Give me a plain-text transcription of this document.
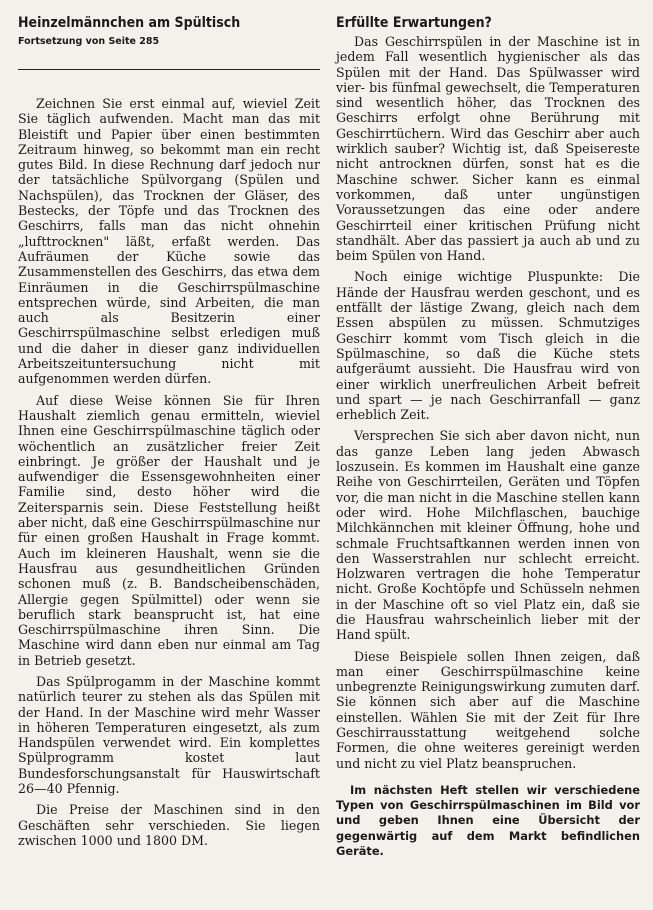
Heinzelmännchen am Spültisch
Fortsetzung von Seite 285

Zeichnen Sie erst einmal auf, wieviel Zeit Sie täglich aufwenden. Macht man das mit Bleistift und Papier über einen bestimmten Zeitraum hinweg, so bekommt man ein recht gutes Bild. In diese Rechnung darf jedoch nur der tatsächliche Spülvorgang (Spülen und Nachspülen), das Trocknen der Gläser, des Bestecks, der Töpfe und das Trocknen des Geschirrs, falls man das nicht ohnehin „lufttrocknen" läßt, erfaßt werden. Das Aufräumen der Küche sowie das Zusammenstellen des Geschirrs, das etwa dem Einräumen in die Geschirrspülmaschine entsprechen würde, sind Arbeiten, die man auch als Besitzerin einer Geschirrspülmaschine selbst erledigen muß und die daher in dieser ganz individuellen Arbeitszeituntersuchung nicht mit aufgenommen werden dürfen.

Auf diese Weise können Sie für Ihren Haushalt ziemlich genau ermitteln, wieviel Ihnen eine Geschirrspülmaschine täglich oder wöchentlich an zusätzlicher freier Zeit einbringt. Je größer der Haushalt und je aufwendiger die Essensgewohnheiten einer Familie sind, desto höher wird die Zeitersparnis sein. Diese Feststellung heißt aber nicht, daß eine Geschirrspülmaschine nur für einen großen Haushalt in Frage kommt. Auch im kleineren Haushalt, wenn sie die Hausfrau aus gesundheitlichen Gründen schonen muß (z. B. Bandscheibenschäden, Allergie gegen Spülmittel) oder wenn sie beruflich stark beansprucht ist, hat eine Geschirrspülmaschine ihren Sinn. Die Maschine wird dann eben nur einmal am Tag in Betrieb gesetzt.

Das Spülprogamm in der Maschine kommt natürlich teurer zu stehen als das Spülen mit der Hand. In der Maschine wird mehr Wasser in höheren Temperaturen eingesetzt, als zum Handspülen verwendet wird. Ein komplettes Spülprogramm kostet laut Bundesforschungsanstalt für Hauswirtschaft 26—40 Pfennig.

Die Preise der Maschinen sind in den Geschäften sehr verschieden. Sie liegen zwischen 1000 und 1800 DM.

Erfüllte Erwartungen?

Das Geschirrspülen in der Maschine ist in jedem Fall wesentlich hygienischer als das Spülen mit der Hand. Das Spülwasser wird vier- bis fünfmal gewechselt, die Temperaturen sind wesentlich höher, das Trocknen des Geschirrs erfolgt ohne Berührung mit Geschirrtüchern. Wird das Geschirr aber auch wirklich sauber? Wichtig ist, daß Speisereste nicht antrocknen dürfen, sonst hat es die Maschine schwer. Sicher kann es einmal vorkommen, daß unter ungünstigen Voraussetzungen das eine oder andere Geschirrteil einer kritischen Prüfung nicht standhält. Aber das passiert ja auch ab und zu beim Spülen von Hand.

Noch einige wichtige Pluspunkte: Die Hände der Hausfrau werden geschont, und es entfällt der lästige Zwang, gleich nach dem Essen abspülen zu müssen. Schmutziges Geschirr kommt vom Tisch gleich in die Spülmaschine, so daß die Küche stets aufgeräumt aussieht. Die Hausfrau wird von einer wirklich unerfreulichen Arbeit befreit und spart — je nach Geschirranfall — ganz erheblich Zeit.

Versprechen Sie sich aber davon nicht, nun das ganze Leben lang jeden Abwasch loszusein. Es kommen im Haushalt eine ganze Reihe von Geschirrteilen, Geräten und Töpfen vor, die man nicht in die Maschine stellen kann oder wird. Hohe Milchflaschen, bauchige Milchkännchen mit kleiner Öffnung, hohe und schmale Fruchtsaftkannen werden innen von den Wasserstrahlen nur schlecht erreicht. Holzwaren vertragen die hohe Temperatur nicht. Große Kochtöpfe und Schüsseln nehmen in der Maschine oft so viel Platz ein, daß sie die Hausfrau wahrscheinlich lieber mit der Hand spült.

Diese Beispiele sollen Ihnen zeigen, daß man einer Geschirrspülmaschine keine unbegrenzte Reinigungswirkung zumuten darf. Sie können sich aber auf die Maschine einstellen. Wählen Sie mit der Zeit für Ihre Geschirrausstattung weitgehend solche Formen, die ohne weiteres gereinigt werden und nicht zu viel Platz beanspruchen.

Im nächsten Heft stellen wir verschiedene Typen von Geschirrspülmaschinen im Bild vor und geben Ihnen eine Übersicht der gegenwärtig auf dem Markt befindlichen Geräte.
